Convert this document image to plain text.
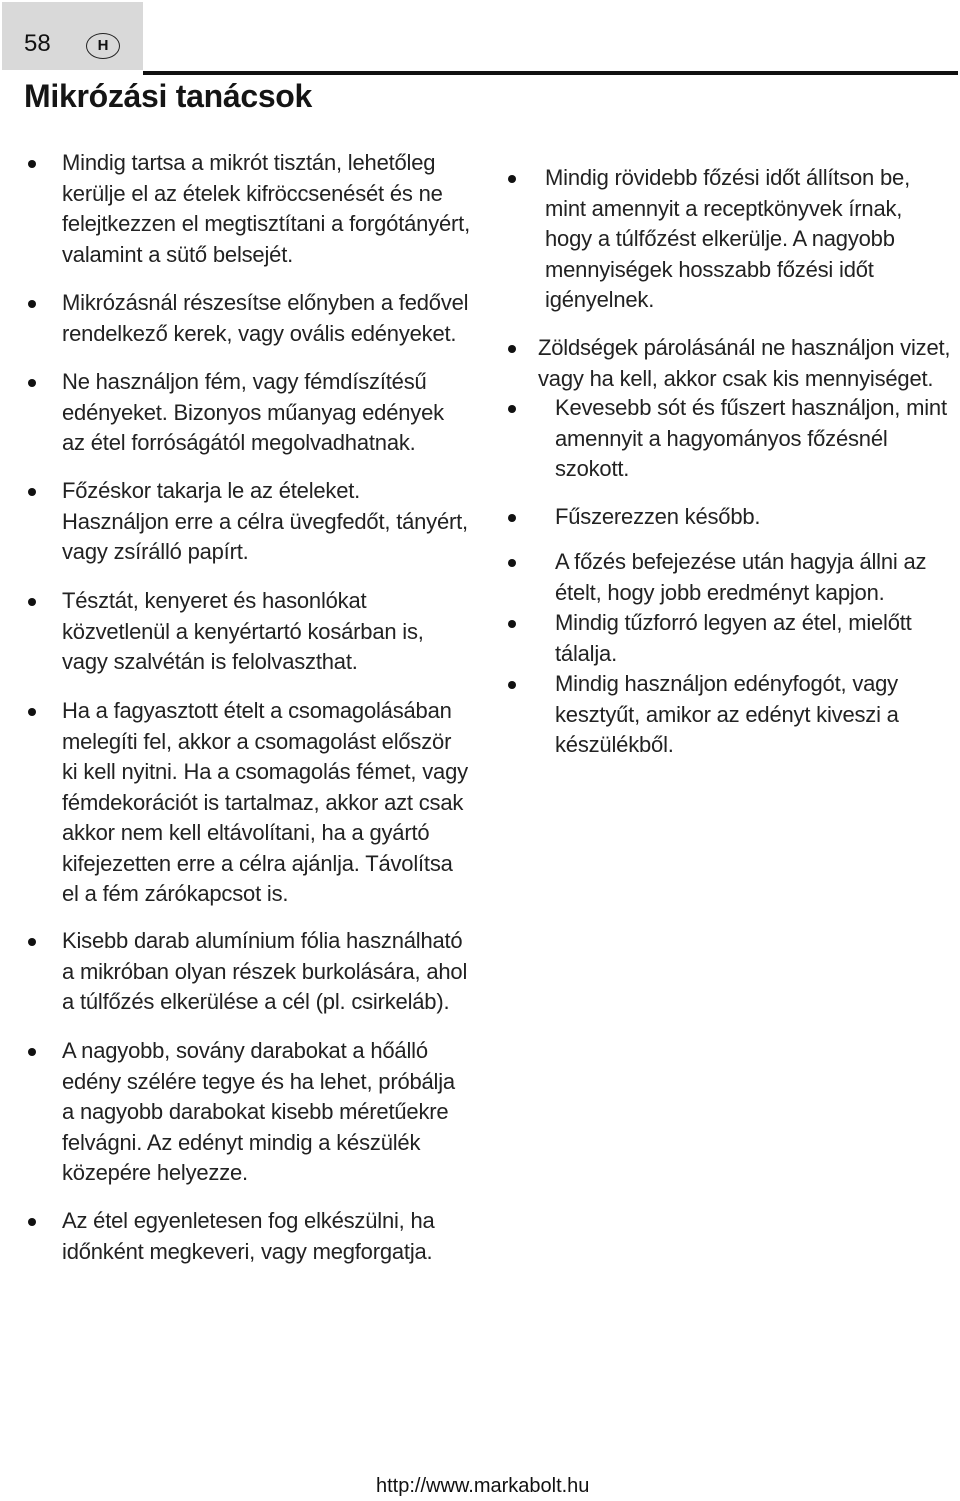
58	H
Mikrózási tanácsok
Mindig tartsa a mikrót tisztán, lehetőleg
kerülje el az ételek kifröccsenését és ne
felejtkezzen el megtisztítani a forgótányért,
valamint a sütő belsejét.
Mikrózásnál részesítse előnyben a fedővel
rendelkező kerek, vagy ovális edényeket.
Ne használjon fém, vagy fémdíszítésű
edényeket. Bizonyos műanyag edények
az étel forróságától megolvadhatnak.
Főzéskor takarja le az ételeket.
Használjon erre a célra üvegfedőt, tányért,
vagy zsírálló papírt.
Tésztát, kenyeret és hasonlókat
közvetlenül a kenyértartó kosárban is,
vagy szalvétán is felolvaszthat.
Ha a fagyasztott ételt a csomagolásában
melegíti fel, akkor a csomagolást először
ki kell nyitni. Ha a csomagolás fémet, vagy
fémdekorációt is tartalmaz, akkor azt csak
akkor nem kell eltávolítani, ha a gyártó
kifejezetten erre a célra ajánlja. Távolítsa
el a fém zárókapcsot is.
Kisebb darab alumínium fólia használható
a mikróban olyan részek burkolására, ahol
a túlfőzés elkerülése a cél (pl. csirkeláb).
A nagyobb, sovány darabokat a hőálló
edény szélére tegye és ha lehet, próbálja
a nagyobb darabokat kisebb méretűekre
felvágni. Az edényt mindig a készülék
közepére helyezze.
Az étel egyenletesen fog elkészülni, ha
időnként megkeveri, vagy megforgatja.
Mindig rövidebb főzési időt állítson be,
mint amennyit a receptkönyvek írnak,
hogy a túlfőzést elkerülje. A nagyobb
mennyiségek hosszabb főzési időt
igényelnek.
Zöldségek párolásánál ne használjon vizet,
vagy ha kell, akkor csak kis mennyiséget.
Kevesebb sót és fűszert használjon, mint
amennyit a hagyományos főzésnél
szokott.
Fűszerezzen később.
A főzés befejezése után hagyja állni az
ételt, hogy jobb eredményt kapjon.
Mindig tűzforró legyen az étel, mielőtt
tálalja.
Mindig használjon edényfogót, vagy
kesztyűt, amikor az edényt kiveszi a
készülékből.
http://www.markabolt.hu
